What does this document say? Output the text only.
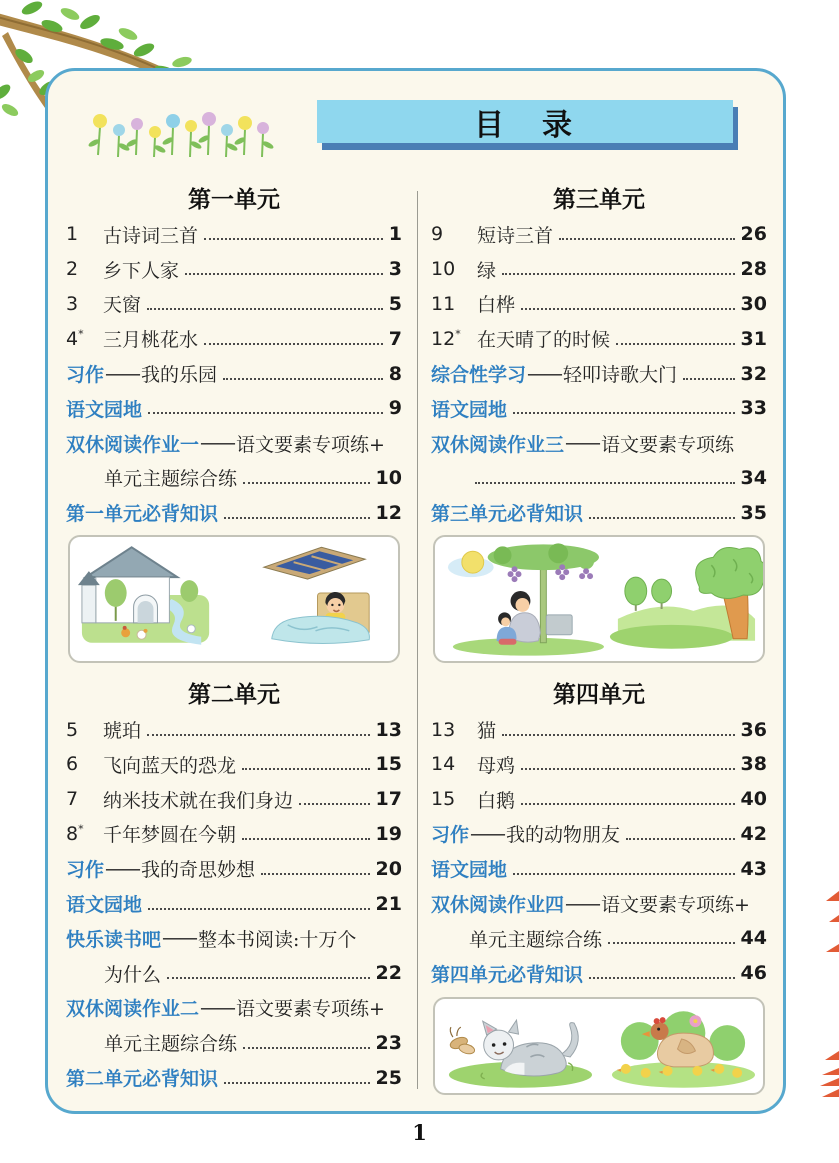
目　录
第一单元
1	古诗词三首	1
2	乡下人家	3
3	天窗	5
4*	三月桃花水	7
习作 —— 我的乐园	8
语文园地	9
双休阅读作业一 —— 语文要素专项练+
单元主题综合练	10
第一单元必背知识	12
第二单元
5	琥珀	13
6	飞向蓝天的恐龙	15
7	纳米技术就在我们身边	17
8*	千年梦圆在今朝	19
习作 —— 我的奇思妙想	20
语文园地	21
快乐读书吧 —— 整本书阅读:十万个
为什么	22
双休阅读作业二 —— 语文要素专项练+
单元主题综合练	23
第二单元必背知识	25
第三单元
9	短诗三首	26
10	绿	28
11	白桦	30
12* 在天晴了的时候	31
综合性学习 —— 轻叩诗歌大门	32
语文园地	33
双休阅读作业三 —— 语文要素专项练
34
第三单元必背知识	35
第四单元
13	猫	36
14	母鸡	38
15	白鹅	40
习作 —— 我的动物朋友	42
语文园地	43
双休阅读作业四 —— 语文要素专项练+
单元主题综合练	44
第四单元必背知识	46
1
